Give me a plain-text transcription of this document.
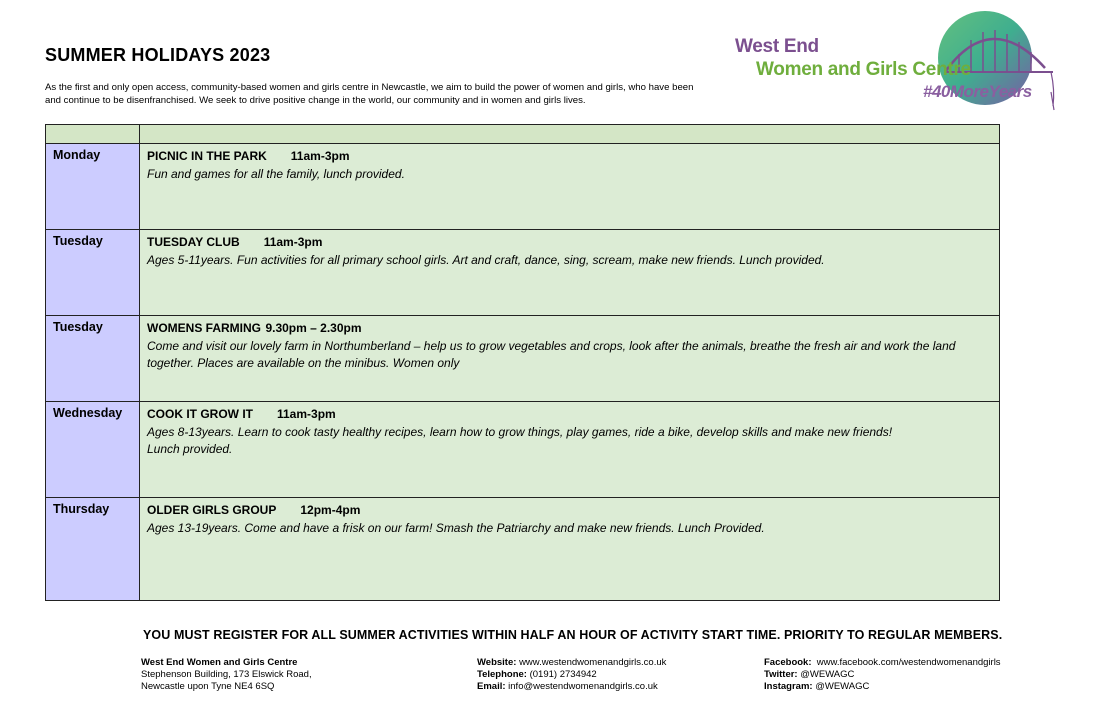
SUMMER HOLIDAYS 2023
As the first and only open access, community-based women and girls centre in Newcastle, we aim to build the power of women and girls, who have been and continue to be disenfranchised. We seek to drive positive change in the world, our community and in women and girls lives.
West End
Women and Girls Centre
#40MoreYears

Monday	PICNIC IN THE PARK 11am-3pm
Fun and games for all the family, lunch provided.

Tuesday	TUESDAY CLUB 11am-3pm
Ages 5-11years. Fun activities for all primary school girls. Art and craft, dance, sing, scream, make new friends. Lunch provided.

Tuesday	WOMENS FARMING 9.30pm – 2.30pm
Come and visit our lovely farm in Northumberland – help us to grow vegetables and crops, look after the animals, breathe the fresh air and work the land together. Places are available on the minibus. Women only

Wednesday	COOK IT GROW IT 11am-3pm
Ages 8-13years. Learn to cook tasty healthy recipes, learn how to grow things, play games, ride a bike, develop skills and make new friends!
Lunch provided.

Thursday	OLDER GIRLS GROUP 12pm-4pm
Ages 13-19years. Come and have a frisk on our farm! Smash the Patriarchy and make new friends. Lunch Provided.
YOU MUST REGISTER FOR ALL SUMMER ACTIVITIES WITHIN HALF AN HOUR OF ACTIVITY START TIME. PRIORITY TO REGULAR MEMBERS.
West End Women and Girls Centre
Stephenson Building, 173 Elswick Road,
Newcastle upon Tyne NE4 6SQ
Website: www.westendwomenandgirls.co.uk
Telephone: (0191) 2734942
Email: info@westendwomenandgirls.co.uk
Facebook: www.facebook.com/westendwomenandgirls
Twitter: @WEWAGC
Instagram: @WEWAGC
